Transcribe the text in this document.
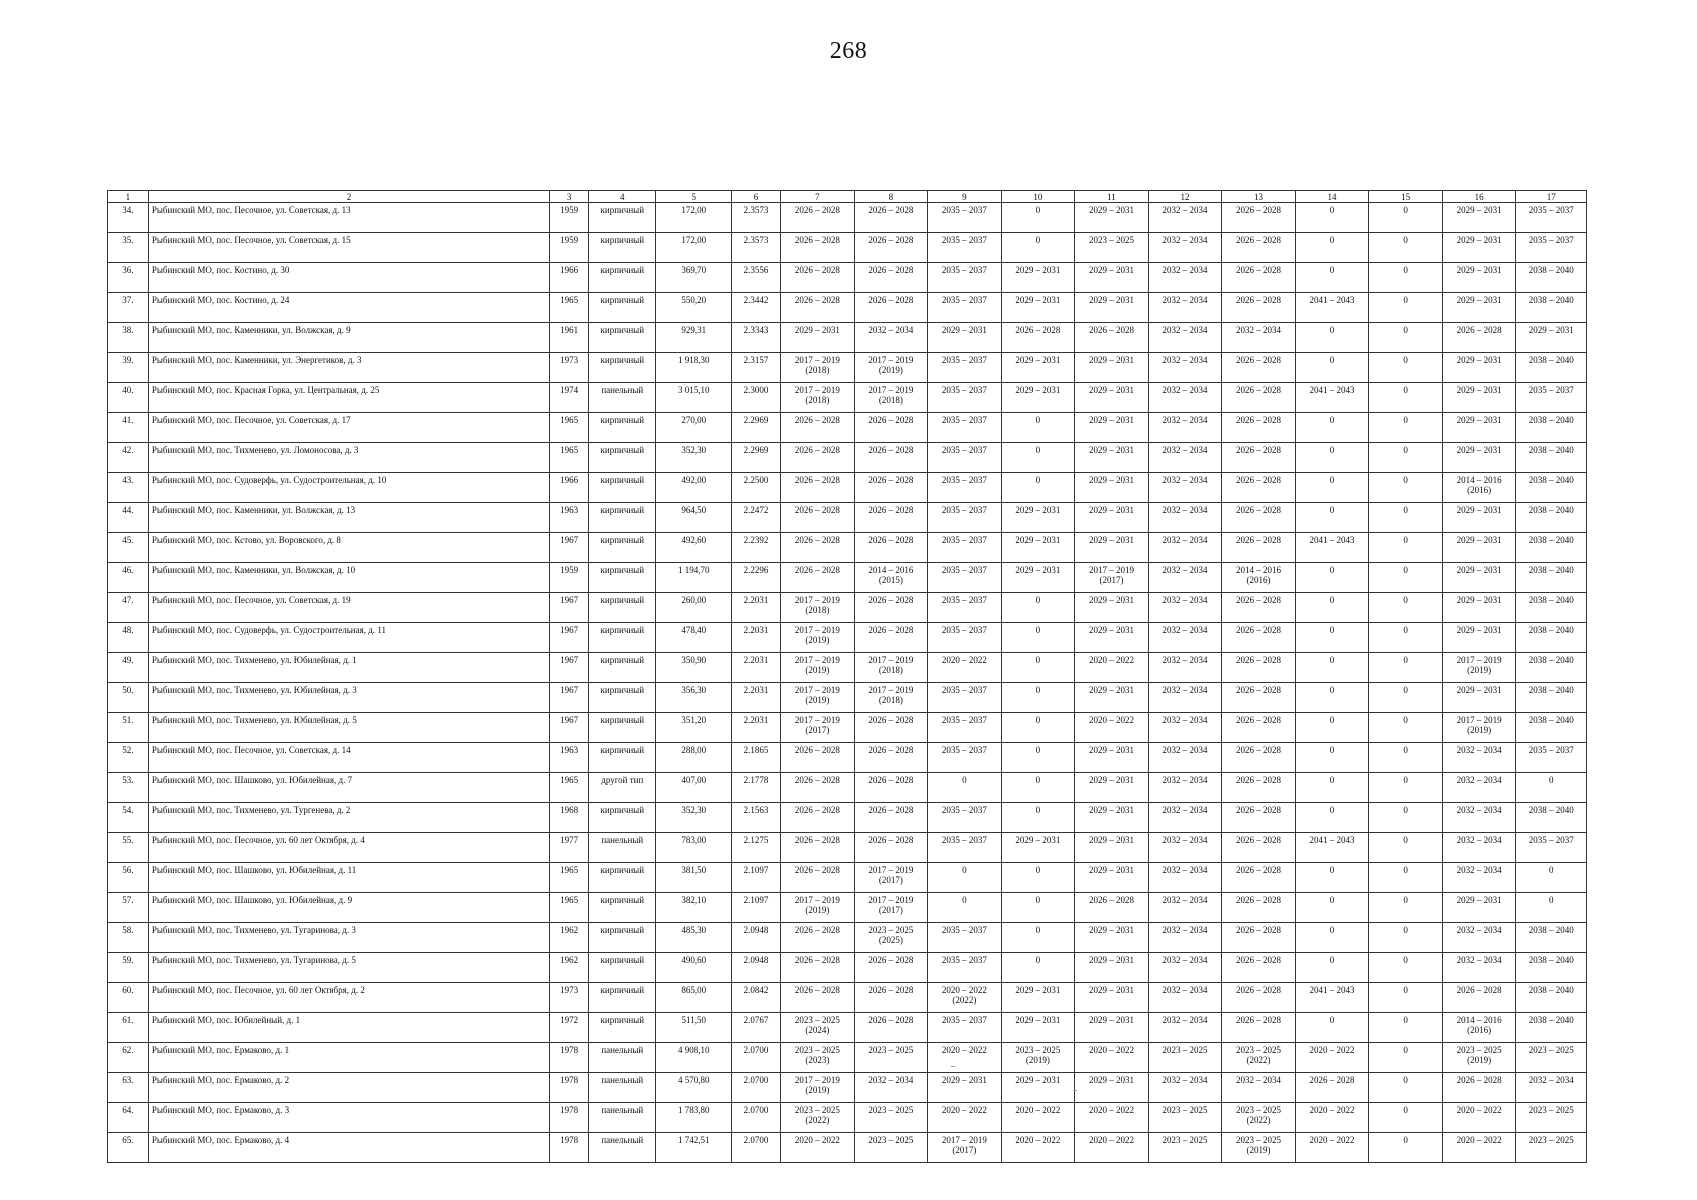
268
1	2	3	4	5	6	7	8	9	10	11	12	13	14	15	16	17
34.	Рыбинский МО, пос. Песочное, ул. Советская, д. 13	1959	кирпичный	172,00	2.3573	2026 – 2028	2026 – 2028	2035 – 2037	0	2029 – 2031	2032 – 2034	2026 – 2028	0	0	2029 – 2031	2035 – 2037
35.	Рыбинский МО, пос. Песочное, ул. Советская, д. 15	1959	кирпичный	172,00	2.3573	2026 – 2028	2026 – 2028	2035 – 2037	0	2023 – 2025	2032 – 2034	2026 – 2028	0	0	2029 – 2031	2035 – 2037
36.	Рыбинский МО, пос. Костино, д. 30	1966	кирпичный	369,70	2.3556	2026 – 2028	2026 – 2028	2035 – 2037	2029 – 2031	2029 – 2031	2032 – 2034	2026 – 2028	0	0	2029 – 2031	2038 – 2040
37.	Рыбинский МО, пос. Костино, д. 24	1965	кирпичный	550,20	2.3442	2026 – 2028	2026 – 2028	2035 – 2037	2029 – 2031	2029 – 2031	2032 – 2034	2026 – 2028	2041 – 2043	0	2029 – 2031	2038 – 2040
38.	Рыбинский МО, пос. Каменники, ул. Волжская, д. 9	1961	кирпичный	929,31	2.3343	2029 – 2031	2032 – 2034	2029 – 2031	2026 – 2028	2026 – 2028	2032 – 2034	2032 – 2034	0	0	2026 – 2028	2029 – 2031
39.	Рыбинский МО, пос. Каменники, ул. Энергетиков, д. 3	1973	кирпичный	1 918,30	2.3157	2017 – 2019
(2018)	2017 – 2019
(2019)	2035 – 2037	2029 – 2031	2029 – 2031	2032 – 2034	2026 – 2028	0	0	2029 – 2031	2038 – 2040
40.	Рыбинский МО, пос. Красная Горка, ул. Центральная, д. 25	1974	панельный	3 015,10	2.3000	2017 – 2019
(2018)	2017 – 2019
(2018)	2035 – 2037	2029 – 2031	2029 – 2031	2032 – 2034	2026 – 2028	2041 – 2043	0	2029 – 2031	2035 – 2037
41.	Рыбинский МО, пос. Песочное, ул. Советская, д. 17	1965	кирпичный	270,00	2.2969	2026 – 2028	2026 – 2028	2035 – 2037	0	2029 – 2031	2032 – 2034	2026 – 2028	0	0	2029 – 2031	2038 – 2040
42.	Рыбинский МО, пос. Тихменево, ул. Ломоносова, д. 3	1965	кирпичный	352,30	2.2969	2026 – 2028	2026 – 2028	2035 – 2037	0	2029 – 2031	2032 – 2034	2026 – 2028	0	0	2029 – 2031	2038 – 2040
43.	Рыбинский МО, пос. Судоверфь, ул. Судостроительная, д. 10	1966	кирпичный	492,00	2.2500	2026 – 2028	2026 – 2028	2035 – 2037	0	2029 – 2031	2032 – 2034	2026 – 2028	0	0	2014 – 2016
(2016)	2038 – 2040
44.	Рыбинский МО, пос. Каменники, ул. Волжская, д. 13	1963	кирпичный	964,50	2.2472	2026 – 2028	2026 – 2028	2035 – 2037	2029 – 2031	2029 – 2031	2032 – 2034	2026 – 2028	0	0	2029 – 2031	2038 – 2040
45.	Рыбинский МО, пос. Кстово, ул. Воровского, д. 8	1967	кирпичный	492,60	2.2392	2026 – 2028	2026 – 2028	2035 – 2037	2029 – 2031	2029 – 2031	2032 – 2034	2026 – 2028	2041 – 2043	0	2029 – 2031	2038 – 2040
46.	Рыбинский МО, пос. Каменники, ул. Волжская, д. 10	1959	кирпичный	1 194,70	2.2296	2026 – 2028	2014 – 2016
(2015)	2035 – 2037	2029 – 2031	2017 – 2019
(2017)	2032 – 2034	2014 – 2016
(2016)	0	0	2029 – 2031	2038 – 2040
47.	Рыбинский МО, пос. Песочное, ул. Советская, д. 19	1967	кирпичный	260,00	2.2031	2017 – 2019
(2018)	2026 – 2028	2035 – 2037	0	2029 – 2031	2032 – 2034	2026 – 2028	0	0	2029 – 2031	2038 – 2040
48.	Рыбинский МО, пос. Судоверфь, ул. Судостроительная, д. 11	1967	кирпичный	478,40	2.2031	2017 – 2019
(2019)	2026 – 2028	2035 – 2037	0	2029 – 2031	2032 – 2034	2026 – 2028	0	0	2029 – 2031	2038 – 2040
49.	Рыбинский МО, пос. Тихменево, ул. Юбилейная, д. 1	1967	кирпичный	350,90	2.2031	2017 – 2019
(2019)	2017 – 2019
(2018)	2020 – 2022	0	2020 – 2022	2032 – 2034	2026 – 2028	0	0	2017 – 2019
(2019)	2038 – 2040
50.	Рыбинский МО, пос. Тихменево, ул. Юбилейная, д. 3	1967	кирпичный	356,30	2.2031	2017 – 2019
(2019)	2017 – 2019
(2018)	2035 – 2037	0	2029 – 2031	2032 – 2034	2026 – 2028	0	0	2029 – 2031	2038 – 2040
51.	Рыбинский МО, пос. Тихменево, ул. Юбилейная, д. 5	1967	кирпичный	351,20	2.2031	2017 – 2019
(2017)	2026 – 2028	2035 – 2037	0	2020 – 2022	2032 – 2034	2026 – 2028	0	0	2017 – 2019
(2019)	2038 – 2040
52.	Рыбинский МО, пос. Песочное, ул. Советская, д. 14	1963	кирпичный	288,00	2.1865	2026 – 2028	2026 – 2028	2035 – 2037	0	2029 – 2031	2032 – 2034	2026 – 2028	0	0	2032 – 2034	2035 – 2037
53.	Рыбинский МО, пос. Шашково, ул. Юбилейная, д. 7	1965	другой тип	407,00	2.1778	2026 – 2028	2026 – 2028	0	0	2029 – 2031	2032 – 2034	2026 – 2028	0	0	2032 – 2034	0
54.	Рыбинский МО, пос. Тихменево, ул. Тургенева, д. 2	1968	кирпичный	352,30	2.1563	2026 – 2028	2026 – 2028	2035 – 2037	0	2029 – 2031	2032 – 2034	2026 – 2028	0	0	2032 – 2034	2038 – 2040
55.	Рыбинский МО, пос. Песочное, ул. 60 лет Октября, д. 4	1977	панельный	783,00	2.1275	2026 – 2028	2026 – 2028	2035 – 2037	2029 – 2031	2029 – 2031	2032 – 2034	2026 – 2028	2041 – 2043	0	2032 – 2034	2035 – 2037
56.	Рыбинский МО, пос. Шашково, ул. Юбилейная, д. 11	1965	кирпичный	381,50	2.1097	2026 – 2028	2017 – 2019
(2017)	0	0	2029 – 2031	2032 – 2034	2026 – 2028	0	0	2032 – 2034	0
57.	Рыбинский МО, пос. Шашково, ул. Юбилейная, д. 9	1965	кирпичный	382,10	2.1097	2017 – 2019
(2019)	2017 – 2019
(2017)	0	0	2026 – 2028	2032 – 2034	2026 – 2028	0	0	2029 – 2031	0
58.	Рыбинский МО, пос. Тихменево, ул. Тугаринова, д. 3	1962	кирпичный	485,30	2.0948	2026 – 2028	2023 – 2025
(2025)	2035 – 2037	0	2029 – 2031	2032 – 2034	2026 – 2028	0	0	2032 – 2034	2038 – 2040
59.	Рыбинский МО, пос. Тихменево, ул. Тугаринова, д. 5	1962	кирпичный	490,60	2.0948	2026 – 2028	2026 – 2028	2035 – 2037	0	2029 – 2031	2032 – 2034	2026 – 2028	0	0	2032 – 2034	2038 – 2040
60.	Рыбинский МО, пос. Песочное, ул. 60 лет Октября, д. 2	1973	кирпичный	865,00	2.0842	2026 – 2028	2026 – 2028	2020 – 2022
(2022)	2029 – 2031	2029 – 2031	2032 – 2034	2026 – 2028	2041 – 2043	0	2026 – 2028	2038 – 2040
61.	Рыбинский МО, пос. Юбилейный, д. 1	1972	кирпичный	511,50	2.0767	2023 – 2025
(2024)	2026 – 2028	2035 – 2037	2029 – 2031	2029 – 2031	2032 – 2034	2026 – 2028	0	0	2014 – 2016
(2016)	2038 – 2040
62.	Рыбинский МО, пос. Ермаково, д. 1	1978	панельный	4 908,10	2.0700	2023 – 2025
(2023)	2023 – 2025	2020 – 2022	2023 – 2025
(2019)	2020 – 2022	2023 – 2025	2023 – 2025
(2022)	2020 – 2022	0	2023 – 2025
(2019)	2023 – 2025
63.	Рыбинский МО, пос. Ермаково, д. 2	1978	панельный	4 570,80	2.0700	2017 – 2019
(2019)	2032 – 2034	2029 – 2031	2029 – 2031	2029 – 2031	2032 – 2034	2032 – 2034	2026 – 2028	0	2026 – 2028	2032 – 2034
64.	Рыбинский МО, пос. Ермаково, д. 3	1978	панельный	1 783,80	2.0700	2023 – 2025
(2022)	2023 – 2025	2020 – 2022	2020 – 2022	2020 – 2022	2023 – 2025	2023 – 2025
(2022)	2020 – 2022	0	2020 – 2022	2023 – 2025
65.	Рыбинский МО, пос. Ермаково, д. 4	1978	панельный	1 742,51	2.0700	2020 – 2022	2023 – 2025	2017 – 2019
(2017)	2020 – 2022	2020 – 2022	2023 – 2025	2023 – 2025
(2019)	2020 – 2022	0	2020 – 2022	2023 – 2025
